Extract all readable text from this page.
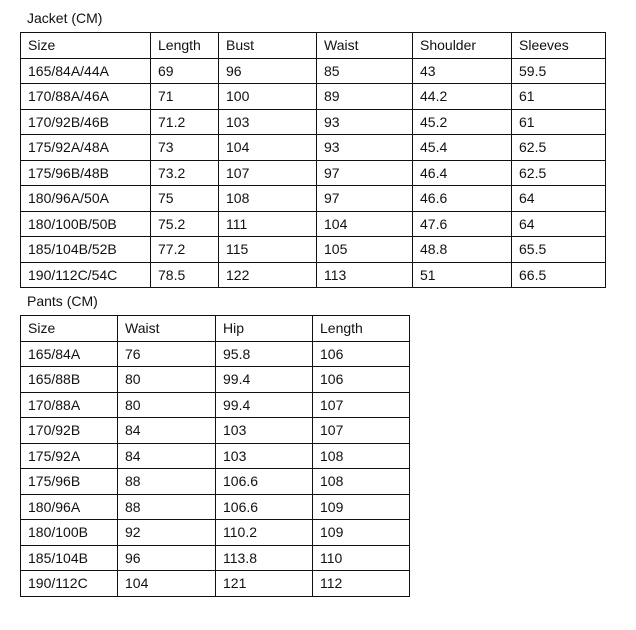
Jacket (CM)
Size	Length	Bust	Waist	Shoulder	Sleeves
165/84A/44A	69	96	85	43	59.5
170/88A/46A	71	100	89	44.2	61
170/92B/46B	71.2	103	93	45.2	61
175/92A/48A	73	104	93	45.4	62.5
175/96B/48B	73.2	107	97	46.4	62.5
180/96A/50A	75	108	97	46.6	64
180/100B/50B	75.2	111	104	47.6	64
185/104B/52B	77.2	115	105	48.8	65.5
190/112C/54C	78.5	122	113	51	66.5
Pants (CM)
Size	Waist	Hip	Length
165/84A	76	95.8	106
165/88B	80	99.4	106
170/88A	80	99.4	107
170/92B	84	103	107
175/92A	84	103	108
175/96B	88	106.6	108
180/96A	88	106.6	109
180/100B	92	110.2	109
185/104B	96	113.8	110
190/112C	104	121	112
